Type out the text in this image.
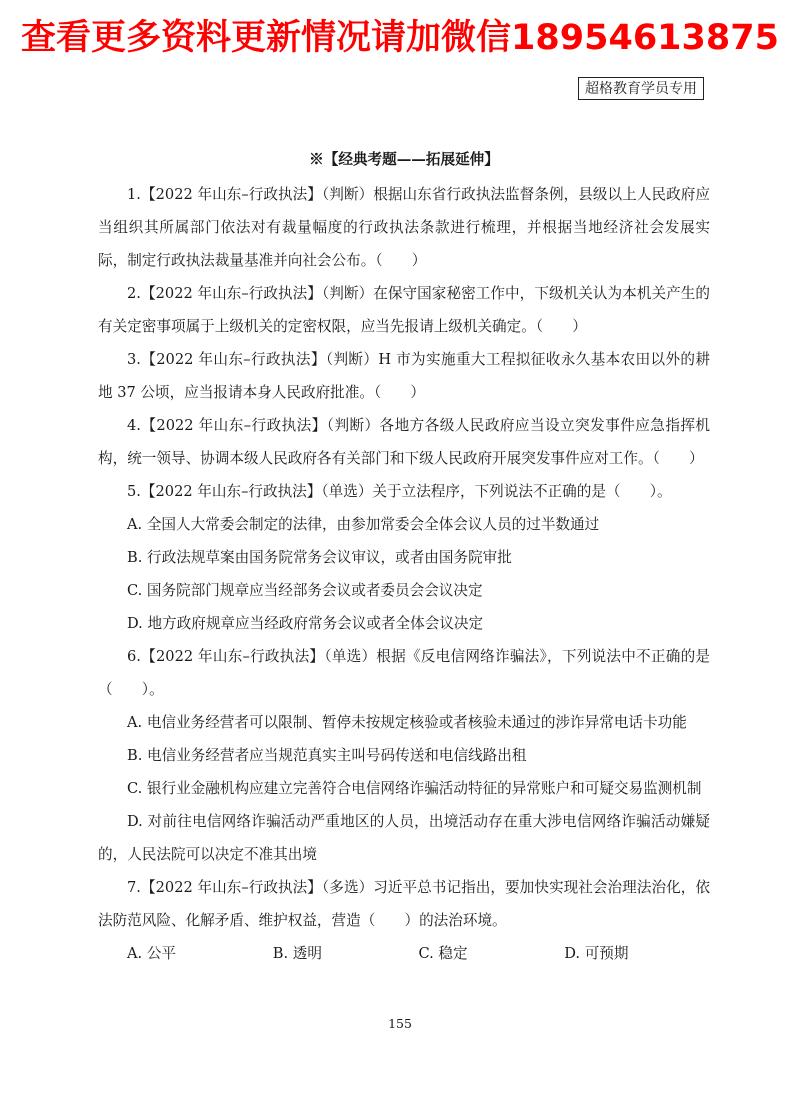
查看更多资料更新情况请加微信18954613875
超格教育学员专用
※【经典考题——拓展延伸】

1.【2022 年山东–行政执法】（判断）根据山东省行政执法监督条例，县级以上人民政府应当组织其所属部门依法对有裁量幅度的行政执法条款进行梳理，并根据当地经济社会发展实际，制定行政执法裁量基准并向社会公布。（　　）

2.【2022 年山东–行政执法】（判断）在保守国家秘密工作中，下级机关认为本机关产生的有关定密事项属于上级机关的定密权限，应当先报请上级机关确定。（　　）

3.【2022 年山东–行政执法】（判断）H 市为实施重大工程拟征收永久基本农田以外的耕地 37 公顷，应当报请本身人民政府批准。（　　）

4.【2022 年山东–行政执法】（判断）各地方各级人民政府应当设立突发事件应急指挥机构，统一领导、协调本级人民政府各有关部门和下级人民政府开展突发事件应对工作。（　　）

5.【2022 年山东–行政执法】（单选）关于立法程序，下列说法不正确的是（　　）。

A. 全国人大常委会制定的法律，由参加常委会全体会议人员的过半数通过

B. 行政法规草案由国务院常务会议审议，或者由国务院审批

C. 国务院部门规章应当经部务会议或者委员会会议决定

D. 地方政府规章应当经政府常务会议或者全体会议决定

6.【2022 年山东–行政执法】（单选）根据《反电信网络诈骗法》，下列说法中不正确的是（　　）。

A. 电信业务经营者可以限制、暂停未按规定核验或者核验未通过的涉诈异常电话卡功能

B. 电信业务经营者应当规范真实主叫号码传送和电信线路出租

C. 银行业金融机构应建立完善符合电信网络诈骗活动特征的异常账户和可疑交易监测机制

D. 对前往电信网络诈骗活动严重地区的人员，出境活动存在重大涉电信网络诈骗活动嫌疑的，人民法院可以决定不准其出境

7.【2022 年山东–行政执法】（多选）习近平总书记指出，要加快实现社会治理法治化，依法防范风险、化解矛盾、维护权益，营造（　　）的法治环境。

A. 公平	B. 透明	C. 稳定	D. 可预期
155
